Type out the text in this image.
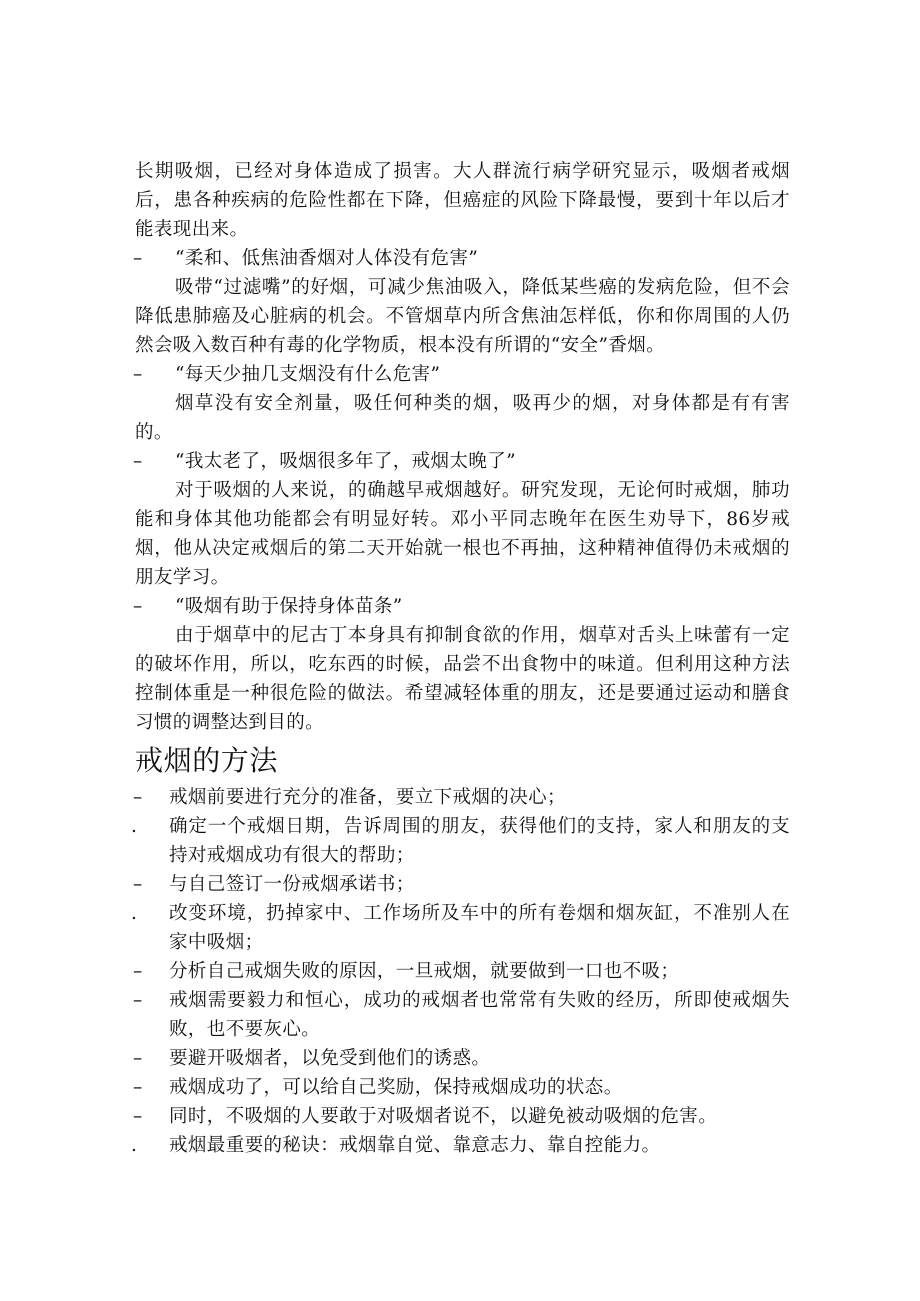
长期吸烟，已经对身体造成了损害。大人群流行病学研究显示，吸烟者戒烟后，患各种疾病的危险性都在下降，但癌症的风险下降最慢，要到十年以后才能表现出来。

– “柔和、低焦油香烟对人体没有危害”

吸带“过滤嘴”的好烟，可减少焦油吸入，降低某些癌的发病危险，但不会降低患肺癌及心脏病的机会。不管烟草内所含焦油怎样低，你和你周围的人仍然会吸入数百种有毒的化学物质，根本没有所谓的“安全”香烟。

– “每天少抽几支烟没有什么危害”

烟草没有安全剂量，吸任何种类的烟，吸再少的烟，对身体都是有有害的。

– “我太老了，吸烟很多年了，戒烟太晚了”

对于吸烟的人来说，的确越早戒烟越好。研究发现，无论何时戒烟，肺功能和身体其他功能都会有明显好转。邓小平同志晚年在医生劝导下，86岁戒烟，他从决定戒烟后的第二天开始就一根也不再抽，这种精神值得仍未戒烟的朋友学习。

– “吸烟有助于保持身体苗条”

由于烟草中的尼古丁本身具有抑制食欲的作用，烟草对舌头上味蕾有一定的破坏作用，所以，吃东西的时候，品尝不出食物中的味道。但利用这种方法控制体重是一种很危险的做法。希望减轻体重的朋友，还是要通过运动和膳食习惯的调整达到目的。

戒烟的方法

– 戒烟前要进行充分的准备，要立下戒烟的决心；

. 确定一个戒烟日期，告诉周围的朋友，获得他们的支持，家人和朋友的支持对戒烟成功有很大的帮助；

– 与自己签订一份戒烟承诺书；

. 改变环境，扔掉家中、工作场所及车中的所有卷烟和烟灰缸，不准别人在家中吸烟；

– 分析自己戒烟失败的原因，一旦戒烟，就要做到一口也不吸；

– 戒烟需要毅力和恒心，成功的戒烟者也常常有失败的经历，所即使戒烟失败，也不要灰心。

– 要避开吸烟者，以免受到他们的诱惑。

– 戒烟成功了，可以给自己奖励，保持戒烟成功的状态。

– 同时，不吸烟的人要敢于对吸烟者说不，以避免被动吸烟的危害。

. 戒烟最重要的秘诀：戒烟靠自觉、靠意志力、靠自控能力。
